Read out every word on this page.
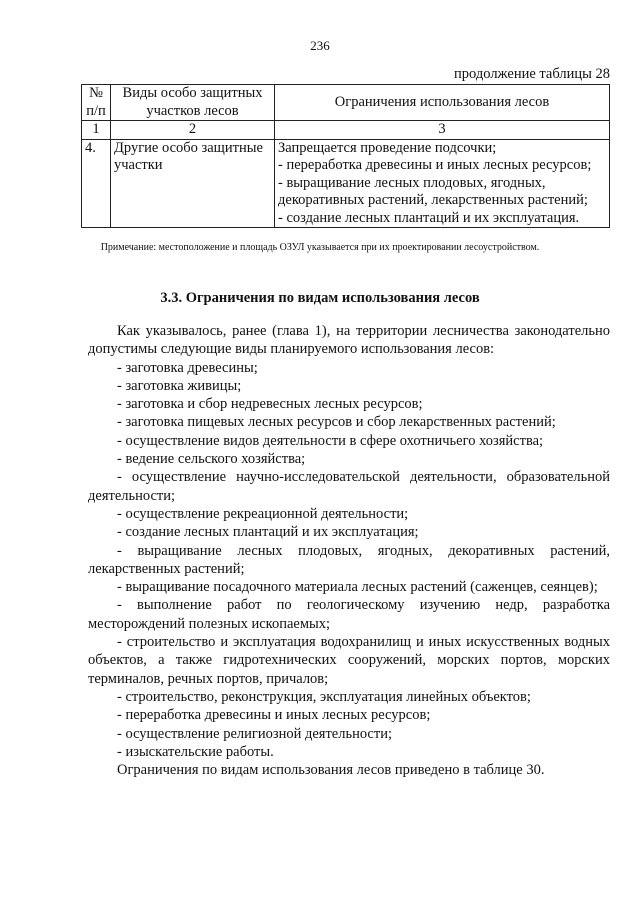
236
продолжение таблицы 28
№ п/п	Виды особо защитных участков лесов	Ограничения использования лесов
1	2	3
4.	Другие особо защитные участки	Запрещается проведение подсочки;
- переработка древесины и иных лесных ресурсов;
- выращивание лесных плодовых, ягодных, декоративных растений, лекарственных растений;
- создание лесных плантаций и их эксплуатация.
Примечание: местоположение и площадь ОЗУЛ указывается при их проектировании лесоустройством.
3.3. Ограничения по видам использования лесов

Как указывалось, ранее (глава 1), на территории лесничества законодательно допустимы следующие виды планируемого использования лесов:

- заготовка древесины;

- заготовка живицы;

- заготовка и сбор недревесных лесных ресурсов;

- заготовка пищевых лесных ресурсов и сбор лекарственных растений;

- осуществление видов деятельности в сфере охотничьего хозяйства;

- ведение сельского хозяйства;

- осуществление научно-исследовательской деятельности, образовательной деятельности;

- осуществление рекреационной деятельности;

- создание лесных плантаций и их эксплуатация;

- выращивание лесных плодовых, ягодных, декоративных растений, лекарственных растений;

- выращивание посадочного материала лесных растений (саженцев, сеянцев);

- выполнение работ по геологическому изучению недр, разработка месторождений полезных ископаемых;

- строительство и эксплуатация водохранилищ и иных искусственных водных объектов, а также гидротехнических сооружений, морских портов, морских терминалов, речных портов, причалов;

- строительство, реконструкция, эксплуатация линейных объектов;

- переработка древесины и иных лесных ресурсов;

- осуществление религиозной деятельности;

- изыскательские работы.

Ограничения по видам использования лесов приведено в таблице 30.
